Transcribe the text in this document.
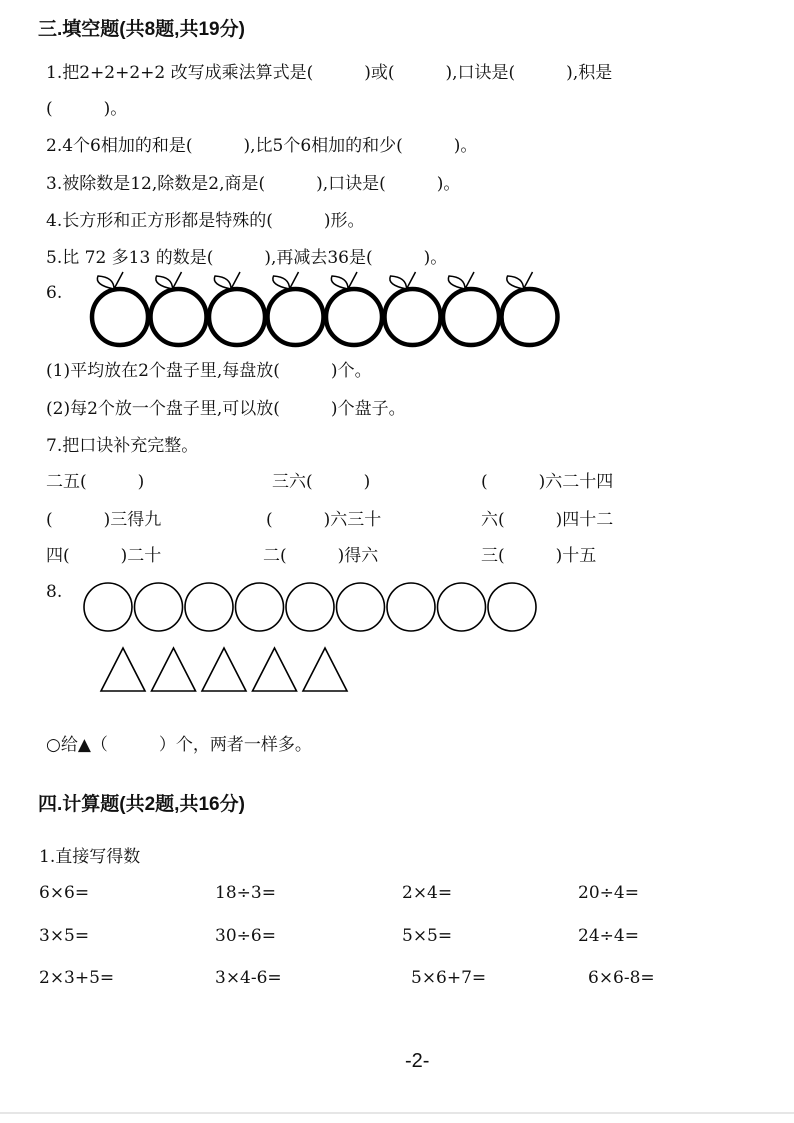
三.填空题(共8题,共19分)
1.把2+2+2+2 改写成乘法算式是(　　　)或(　　　),口诀是(　　　),积是
(　　　)。
2.4个6相加的和是(　　　),比5个6相加的和少(　　　)。
3.被除数是12,除数是2,商是(　　　),口诀是(　　　)。
4.长方形和正方形都是特殊的(　　　)形。
5.比 72 多13 的数是(　　　),再减去36是(　　　)。
6.
(1)平均放在2个盘子里,每盘放(　　　)个。
(2)每2个放一个盘子里,可以放(　　　)个盘子。
7.把口诀补充完整。
二五(　　　)	三六(　　　)	(　　　)六二十四
(　　　)三得九	(　　　)六三十	六(　　　)四十二
四(　　　)二十	二(　　　)得六	三(　　　)十五
8.
○给▲（　　　）个，两者一样多。
四.计算题(共2题,共16分)
1.直接写得数
6×6=	18÷3=	2×4=	20÷4=
3×5=	30÷6=	5×5=	24÷4=
2×3+5=	3×4-6=	5×6+7=	6×6-8=
-2-
